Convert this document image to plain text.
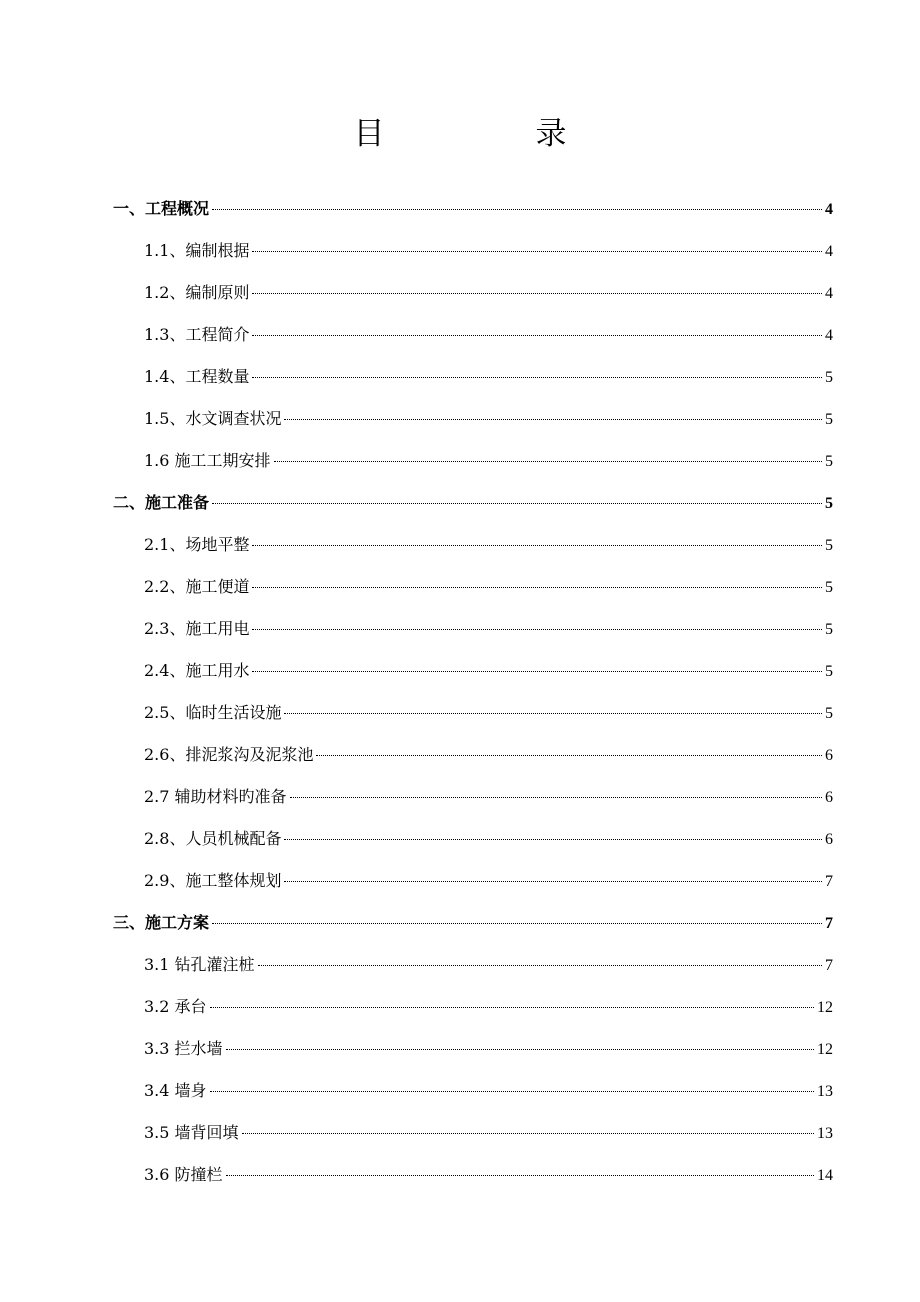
目　录
一、工程概况	4
1.1、编制根据	4
1.2、编制原则	4
1.3、工程简介	4
1.4、工程数量	5
1.5、水文调查状况	5
1.6 施工工期安排	5
二、施工准备	5
2.1、场地平整	5
2.2、施工便道	5
2.3、施工用电	5
2.4、施工用水	5
2.5、临时生活设施	5
2.6、排泥浆沟及泥浆池	6
2.7 辅助材料旳准备	6
2.8、人员机械配备	6
2.9、施工整体规划	7
三、施工方案	7
3.1 钻孔灌注桩	7
3.2 承台	12
3.3 拦水墙	12
3.4 墙身	13
3.5 墙背回填	13
3.6 防撞栏	14
